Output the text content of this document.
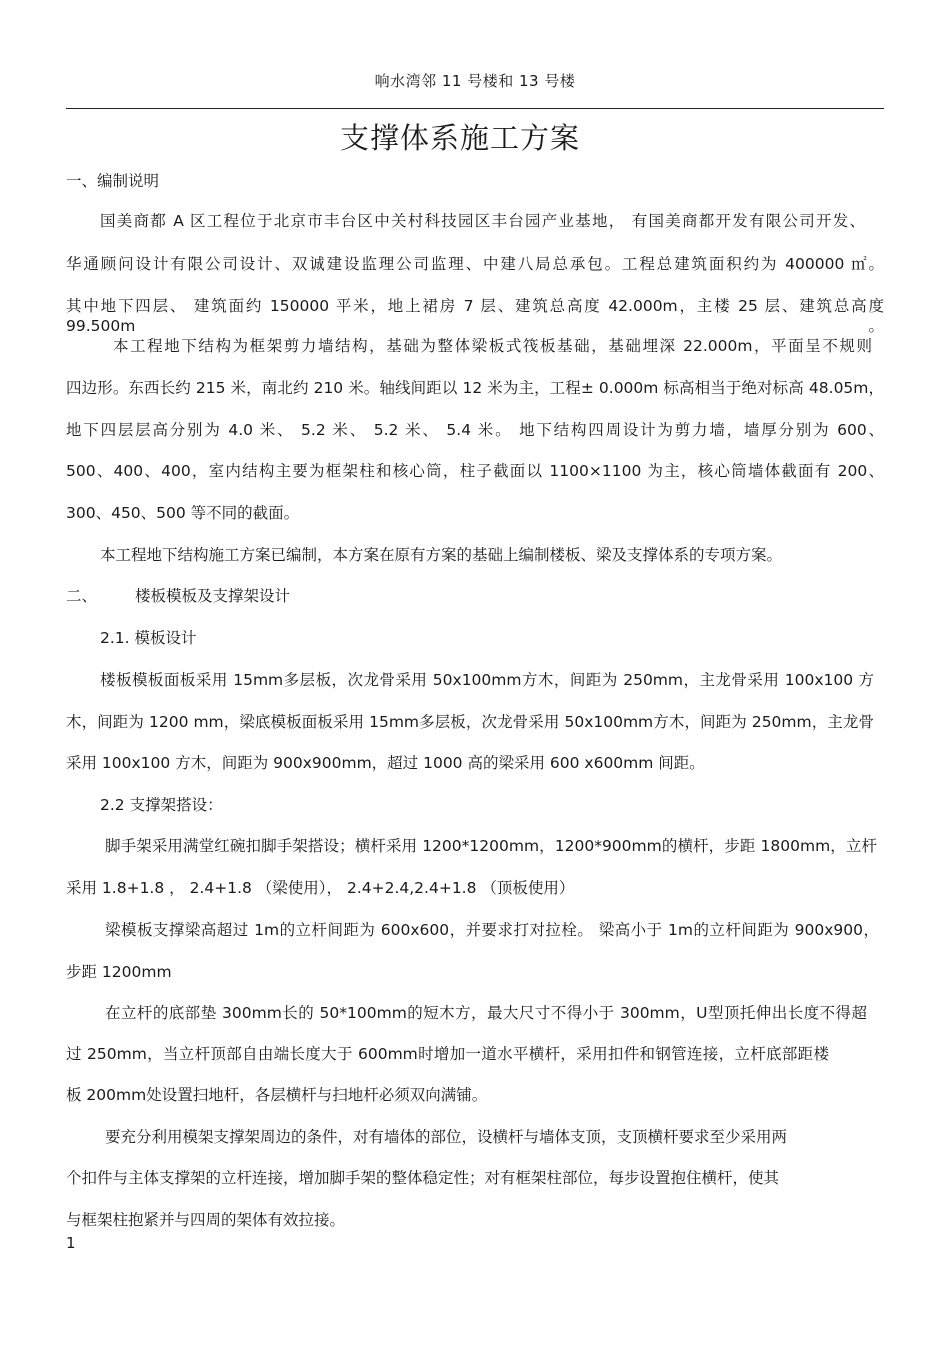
响水湾邻 11 号楼和 13 号楼
支撑体系施工方案
一、编制说明
国美商都 A 区工程位于北京市丰台区中关村科技园区丰台园产业基地， 有国美商都开发有限公司开发、
华通顾问设计有限公司设计、双诚建设监理公司监理、中建八局总承包。工程总建筑面积约为 400000 ㎡。
其中地下四层、 建筑面约 150000 平米，地上裙房 7 层、建筑总高度 42.000m，主楼 25 层、建筑总高度 99.500m。
本工程地下结构为框架剪力墙结构，基础为整体梁板式筏板基础，基础埋深 22.000m，平面呈不规则
四边形。东西长约 215 米，南北约 210 米。轴线间距以 12 米为主，工程± 0.000m 标高相当于绝对标高 48.05m，
地下四层层高分别为 4.0 米、 5.2 米、 5.2 米、 5.4 米。 地下结构四周设计为剪力墙，墙厚分别为 600、
500、400、400，室内结构主要为框架柱和核心筒，柱子截面以 1100×1100 为主，核心筒墙体截面有 200、
300、450、500 等不同的截面。
本工程地下结构施工方案已编制，本方案在原有方案的基础上编制楼板、梁及支撑体系的专项方案。
二、 楼板模板及支撑架设计
2.1. 模板设计
楼板模板面板采用 15mm多层板，次龙骨采用 50x100mm方木，间距为 250mm，主龙骨采用 100x100 方
木，间距为 1200 mm，梁底模板面板采用 15mm多层板，次龙骨采用 50x100mm方木，间距为 250mm，主龙骨
采用 100x100 方木，间距为 900x900mm，超过 1000 高的梁采用 600 x600mm 间距。
2.2 支撑架搭设：
脚手架采用满堂红碗扣脚手架搭设；横杆采用 1200*1200mm，1200*900mm的横杆，步距 1800mm，立杆
采用 1.8+1.8 ， 2.4+1.8 （梁使用）， 2.4+2.4,2.4+1.8 （顶板使用）
梁模板支撑梁高超过 1m的立杆间距为 600x600，并要求打对拉栓。 梁高小于 1m的立杆间距为 900x900，
步距 1200mm
在立杆的底部垫 300mm长的 50*100mm的短木方，最大尺寸不得小于 300mm，U型顶托伸出长度不得超
过 250mm，当立杆顶部自由端长度大于 600mm时增加一道水平横杆，采用扣件和钢管连接，立杆底部距楼
板 200mm处设置扫地杆，各层横杆与扫地杆必须双向满铺。
要充分利用模架支撑架周边的条件，对有墙体的部位，设横杆与墙体支顶，支顶横杆要求至少采用两
个扣件与主体支撑架的立杆连接，增加脚手架的整体稳定性；对有框架柱部位，每步设置抱住横杆，使其
与框架柱抱紧并与四周的架体有效拉接。
1
